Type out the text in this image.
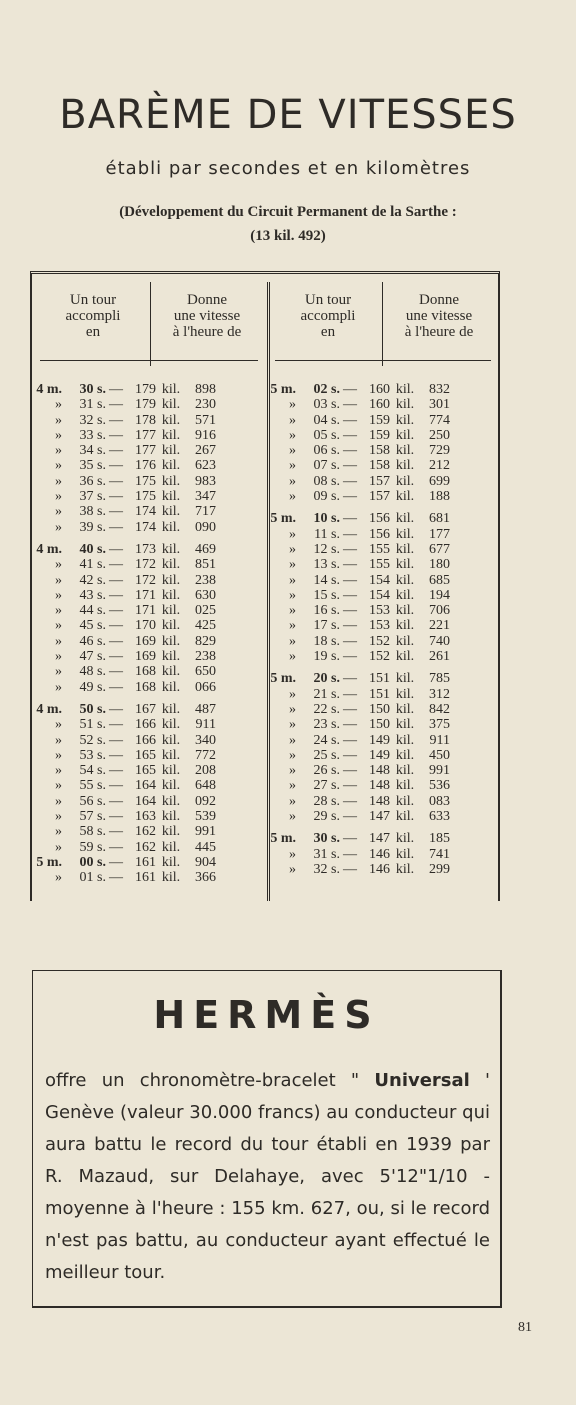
BARÈME DE VITESSES
établi par secondes et en kilomètres
(Développement du Circuit Permanent de la Sarthe :
(13 kil. 492)
Un tour
accompli
en
Donne
une vitesse
à l'heure de
Un tour
accompli
en
Donne
une vitesse
à l'heure de
4 m. 30 s. — 179 kil. 898
» 31 s. — 179 kil. 230
» 32 s. — 178 kil. 571
» 33 s. — 177 kil. 916
» 34 s. — 177 kil. 267
» 35 s. — 176 kil. 623
» 36 s. — 175 kil. 983
» 37 s. — 175 kil. 347
» 38 s. — 174 kil. 717
» 39 s. — 174 kil. 090
4 m. 40 s. — 173 kil. 469
» 41 s. — 172 kil. 851
» 42 s. — 172 kil. 238
» 43 s. — 171 kil. 630
» 44 s. — 171 kil. 025
» 45 s. — 170 kil. 425
» 46 s. — 169 kil. 829
» 47 s. — 169 kil. 238
» 48 s. — 168 kil. 650
» 49 s. — 168 kil. 066
4 m. 50 s. — 167 kil. 487
» 51 s. — 166 kil. 911
» 52 s. — 166 kil. 340
» 53 s. — 165 kil. 772
» 54 s. — 165 kil. 208
» 55 s. — 164 kil. 648
» 56 s. — 164 kil. 092
» 57 s. — 163 kil. 539
» 58 s. — 162 kil. 991
» 59 s. — 162 kil. 445
5 m. 00 s. — 161 kil. 904
» 01 s. — 161 kil. 366
5 m. 02 s. — 160 kil. 832
» 03 s. — 160 kil. 301
» 04 s. — 159 kil. 774
» 05 s. — 159 kil. 250
» 06 s. — 158 kil. 729
» 07 s. — 158 kil. 212
» 08 s. — 157 kil. 699
» 09 s. — 157 kil. 188
5 m. 10 s. — 156 kil. 681
» 11 s. — 156 kil. 177
» 12 s. — 155 kil. 677
» 13 s. — 155 kil. 180
» 14 s. — 154 kil. 685
» 15 s. — 154 kil. 194
» 16 s. — 153 kil. 706
» 17 s. — 153 kil. 221
» 18 s. — 152 kil. 740
» 19 s. — 152 kil. 261
5 m. 20 s. — 151 kil. 785
» 21 s. — 151 kil. 312
» 22 s. — 150 kil. 842
» 23 s. — 150 kil. 375
» 24 s. — 149 kil. 911
» 25 s. — 149 kil. 450
» 26 s. — 148 kil. 991
» 27 s. — 148 kil. 536
» 28 s. — 148 kil. 083
» 29 s. — 147 kil. 633
5 m. 30 s. — 147 kil. 185
» 31 s. — 146 kil. 741
» 32 s. — 146 kil. 299
HERMÈS
offre un chronomètre-bracelet " Universal ' Genève (valeur 30.000 francs) au conducteur qui aura battu le record du tour établi en 1939 par R. Mazaud, sur Delahaye, avec 5'12"1/10 - moyenne à l'heure : 155 km. 627, ou, si le record n'est pas battu, au conducteur ayant effectué le meilleur tour.
81
